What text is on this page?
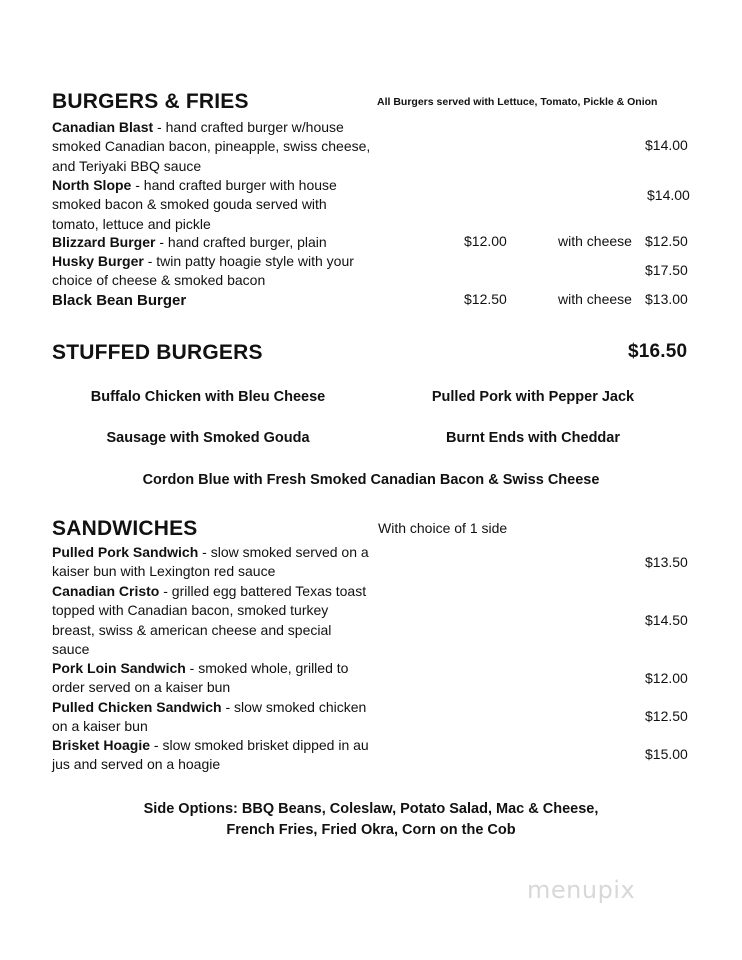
BURGERS & FRIES	All Burgers served with Lettuce, Tomato, Pickle & Onion
Canadian Blast - hand crafted burger w/house smoked Canadian bacon, pineapple, swiss cheese, and Teriyaki BBQ sauce
$14.00
North Slope - hand crafted burger with house smoked bacon & smoked gouda served with tomato, lettuce and pickle
$14.00
Blizzard Burger - hand crafted burger, plain	$12.00	with cheese $12.50
Husky Burger - twin patty hoagie style with your choice of cheese & smoked bacon
$17.50
Black Bean Burger	$12.50	with cheese $13.00
STUFFED BURGERS	$16.50
Buffalo Chicken with Bleu Cheese	Pulled Pork with Pepper Jack
Sausage with Smoked Gouda	Burnt Ends with Cheddar
Cordon Blue with Fresh Smoked Canadian Bacon & Swiss Cheese
SANDWICHES	With choice of 1 side
Pulled Pork Sandwich - slow smoked served on a kaiser bun with Lexington red sauce
$13.50
Canadian Cristo - grilled egg battered Texas toast topped with Canadian bacon, smoked turkey breast, swiss & american cheese and special sauce
$14.50
Pork Loin Sandwich - smoked whole, grilled to order served on a kaiser bun
$12.00
Pulled Chicken Sandwich - slow smoked chicken on a kaiser bun
$12.50
Brisket Hoagie - slow smoked brisket dipped in au jus and served on a hoagie
$15.00
Side Options: BBQ Beans, Coleslaw, Potato Salad, Mac & Cheese,
French Fries, Fried Okra, Corn on the Cob
menupix
